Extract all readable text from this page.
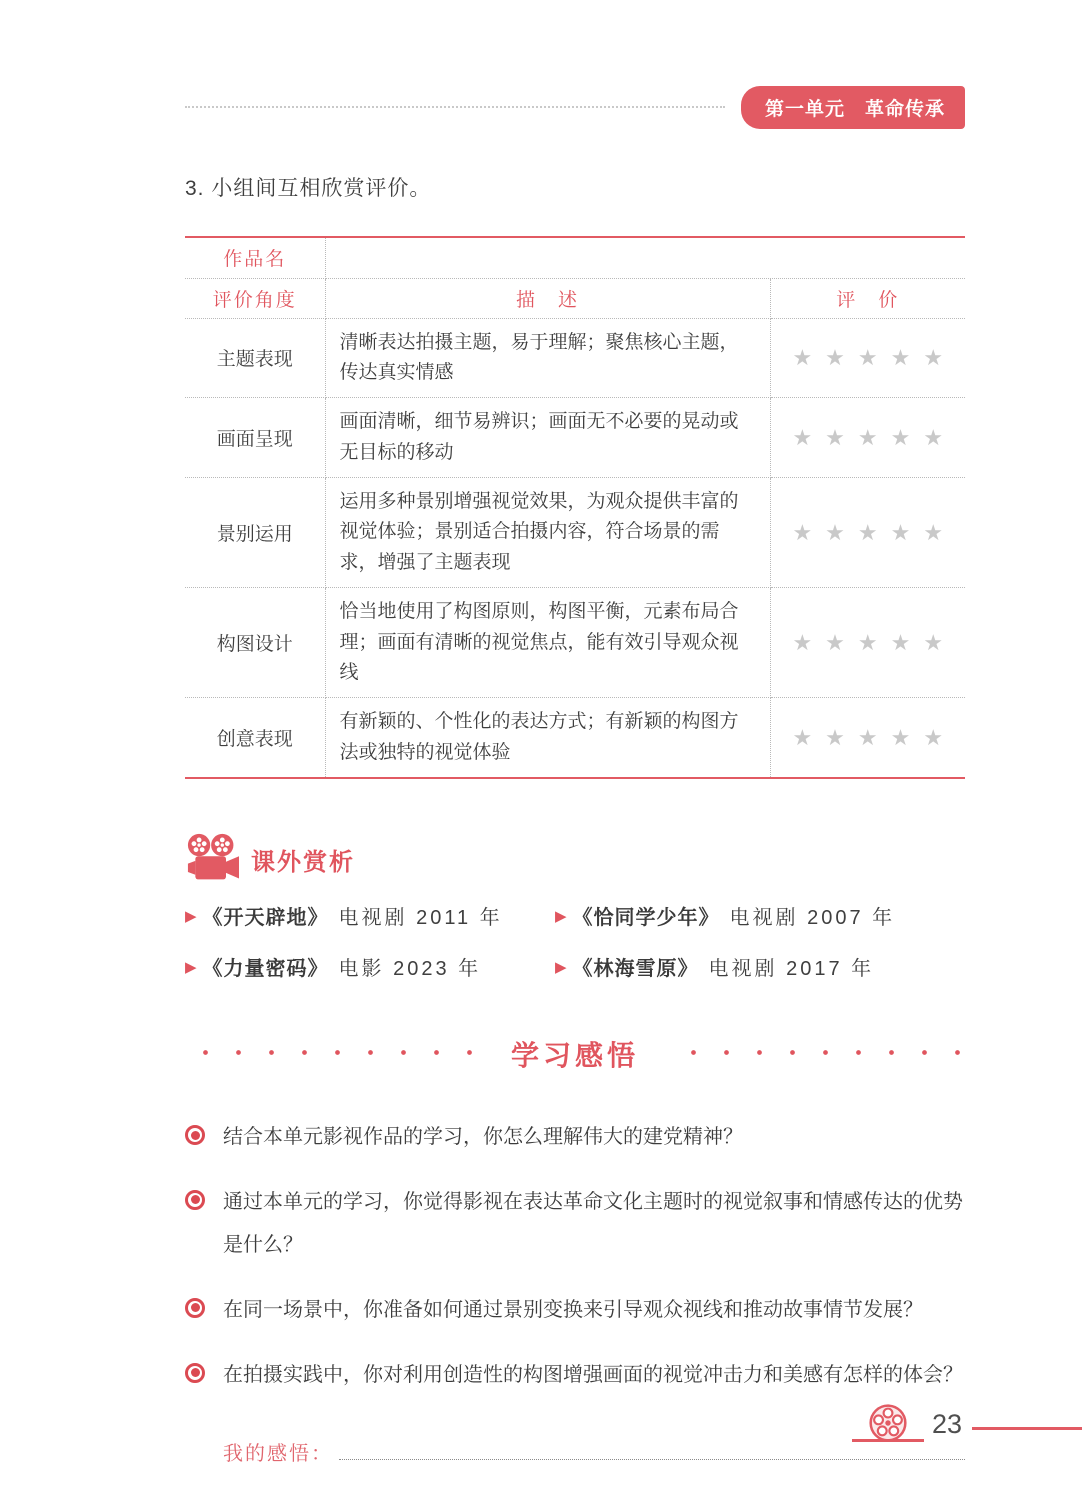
第一单元　革命传承
3. 小组间互相欣赏评价。
作品名		
评价角度	描　述	评　价
主题表现	清晰表达拍摄主题，易于理解；聚焦核心主题，传达真实情感	★★★★★
画面呈现	画面清晰，细节易辨识；画面无不必要的晃动或无目标的移动	★★★★★
景别运用	运用多种景别增强视觉效果，为观众提供丰富的视觉体验；景别适合拍摄内容，符合场景的需求，增强了主题表现	★★★★★
构图设计	恰当地使用了构图原则，构图平衡，元素布局合理；画面有清晰的视觉焦点，能有效引导观众视线	★★★★★
创意表现	有新颖的、个性化的表达方式；有新颖的构图方法或独特的视觉体验	★★★★★
课外赏析
▶ 《开天辟地》 电视剧 2011 年	▶ 《恰同学少年》 电视剧 2007 年
▶ 《力量密码》 电影 2023 年	▶ 《林海雪原》 电视剧 2017 年
学习感悟
结合本单元影视作品的学习，你怎么理解伟大的建党精神？
通过本单元的学习，你觉得影视在表达革命文化主题时的视觉叙事和情感传达的优势是什么？
在同一场景中，你准备如何通过景别变换来引导观众视线和推动故事情节发展？
在拍摄实践中，你对利用创造性的构图增强画面的视觉冲击力和美感有怎样的体会？
我的感悟：
23
